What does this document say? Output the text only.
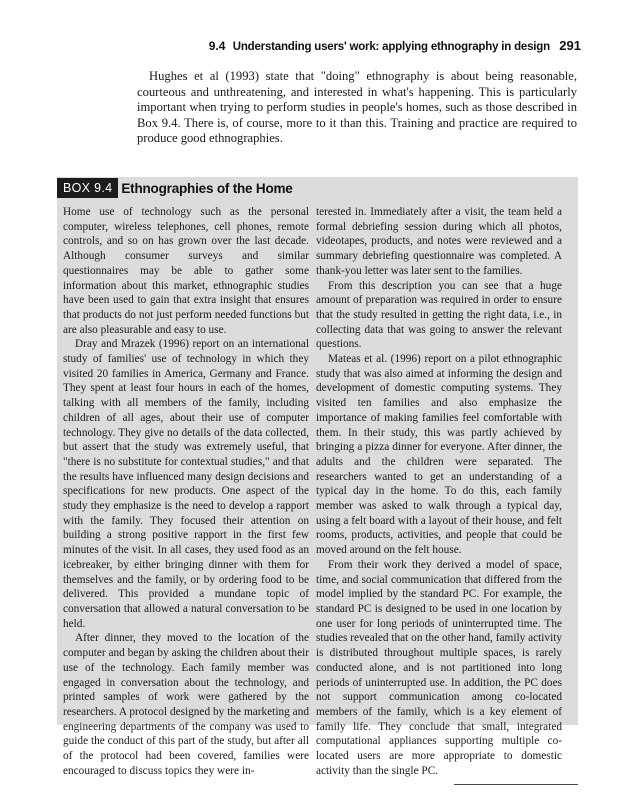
9.4 Understanding users' work: applying ethnography in design 291

Hughes et al (1993) state that "doing" ethnography is about being reasonable, courteous and unthreatening, and interested in what's happening. This is particularly important when trying to perform studies in people's homes, such as those described in Box 9.4. There is, of course, more to it than this. Training and practice are required to produce good ethnographies.

BOX 9.4 Ethnographies of the Home

Home use of technology such as the personal computer, wireless telephones, cell phones, remote controls, and so on has grown over the last decade. Although consumer surveys and similar questionnaires may be able to gather some information about this market, ethnographic studies have been used to gain that extra insight that ensures that products do not just perform needed functions but are also pleasurable and easy to use.

Dray and Mrazek (1996) report on an international study of families' use of technology in which they visited 20 families in America, Germany and France. They spent at least four hours in each of the homes, talking with all members of the family, including children of all ages, about their use of computer technology. They give no details of the data collected, but assert that the study was extremely useful, that "there is no substitute for contextual studies," and that the results have influenced many design decisions and specifications for new products. One aspect of the study they emphasize is the need to develop a rapport with the family. They focused their attention on building a strong positive rapport in the first few minutes of the visit. In all cases, they used food as an icebreaker, by either bringing dinner with them for themselves and the family, or by ordering food to be delivered. This provided a mundane topic of conversation that allowed a natural conversation to be held.

After dinner, they moved to the location of the computer and began by asking the children about their use of the technology. Each family member was engaged in conversation about the technology, and printed samples of work were gathered by the researchers. A protocol designed by the marketing and engineering departments of the company was used to guide the conduct of this part of the study, but after all of the protocol had been covered, families were encouraged to discuss topics they were in-

terested in. Immediately after a visit, the team held a formal debriefing session during which all photos, videotapes, products, and notes were reviewed and a summary debriefing questionnaire was completed. A thank-you letter was later sent to the families.

From this description you can see that a huge amount of preparation was required in order to ensure that the study resulted in getting the right data, i.e., in collecting data that was going to answer the relevant questions.

Mateas et al. (1996) report on a pilot ethnographic study that was also aimed at informing the design and development of domestic computing systems. They visited ten families and also emphasize the importance of making families feel comfortable with them. In their study, this was partly achieved by bringing a pizza dinner for everyone. After dinner, the adults and the children were separated. The researchers wanted to get an understanding of a typical day in the home. To do this, each family member was asked to walk through a typical day, using a felt board with a layout of their house, and felt rooms, products, activities, and people that could be moved around on the felt house.

From their work they derived a model of space, time, and social communication that differed from the model implied by the standard PC. For example, the standard PC is designed to be used in one location by one user for long periods of uninterrupted time. The studies revealed that on the other hand, family activity is distributed throughout multiple spaces, is rarely conducted alone, and is not partitioned into long periods of uninterrupted use. In addition, the PC does not support communication among co-located members of the family, which is a key element of family life. They conclude that small, integrated computational appliances supporting multiple co-located users are more appropriate to domestic activity than the single PC.
